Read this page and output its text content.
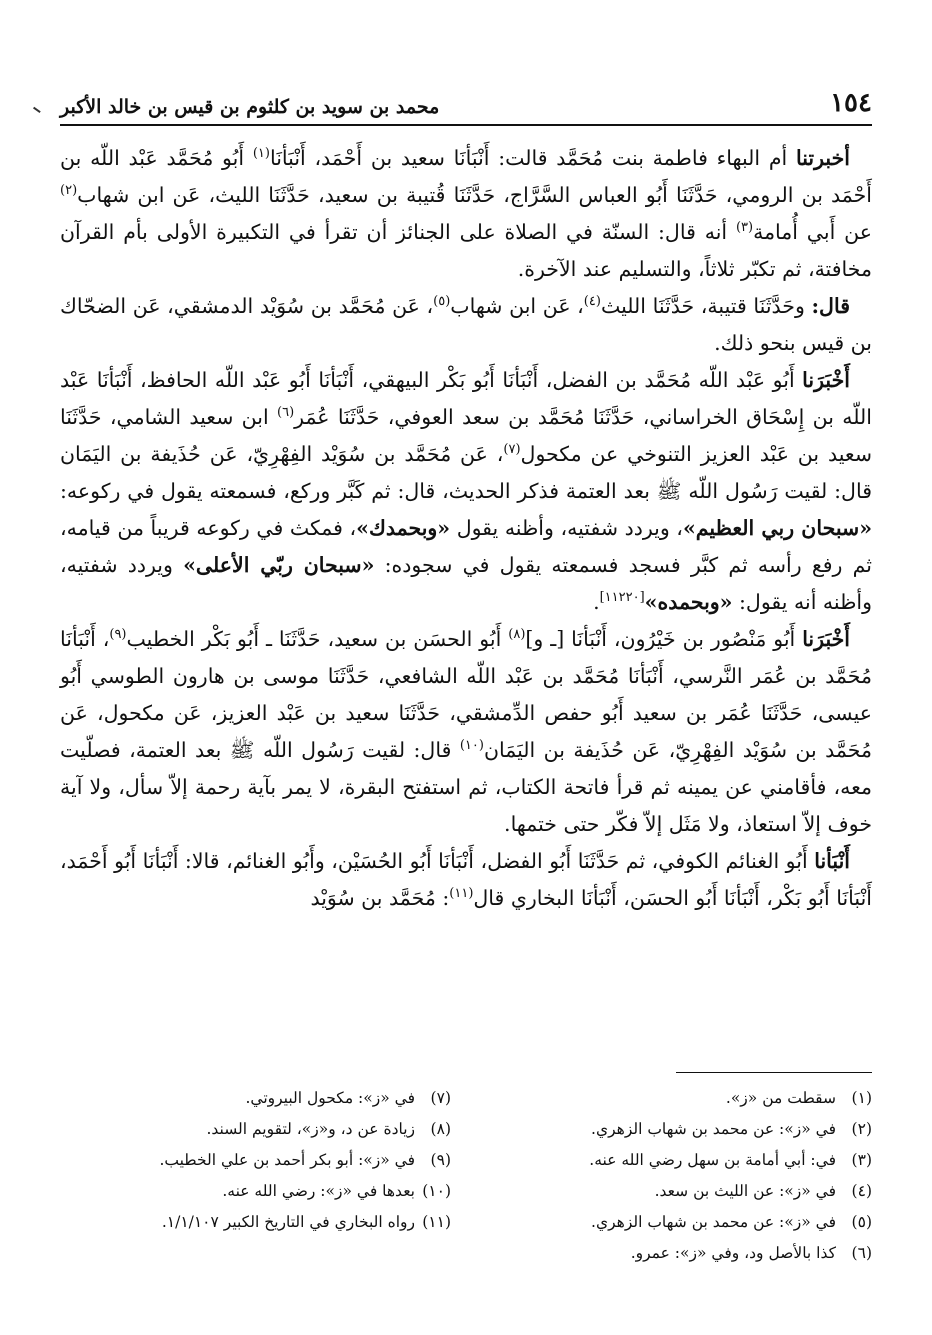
١٥٤
محمد بن سويد بن كلثوم بن قيس بن خالد الأكبر

أخبرتنا أم البهاء فاطمة بنت مُحَمَّد قالت: أَنْبَأنَا سعيد بن أَحْمَد، أَنْبَأنَا$^{(١)}$ أَبُو مُحَمَّد عَبْد اللّه بن أَحْمَد بن الرومي، حَدَّثَنَا أَبُو العباس السَّرَّاج، حَدَّثَنَا قُتيبة بن سعيد، حَدَّثَنَا الليث، عَن ابن شهاب$^{(٢)}$ عن أَبي أُمامة$^{(٣)}$ أنه قال: السنّة في الصلاة على الجنائز أن تقرأ في التكبيرة الأولى بأم القرآن مخافتة، ثم تكبّر ثلاثاً، والتسليم عند الآخرة.

قال: وحَدَّثَنَا قتيبة، حَدَّثَنَا الليث$^{(٤)}$، عَن ابن شهاب$^{(٥)}$، عَن مُحَمَّد بن سُوَيْد الدمشقي، عَن الضحّاك بن قيس بنحو ذلك.

أَخْبَرَنا أَبُو عَبْد اللّه مُحَمَّد بن الفضل، أَنْبَأنَا أَبُو بَكْر البيهقي، أَنْبَأنَا أَبُو عَبْد اللّه الحافظ، أَنْبَأنَا عَبْد اللّه بن إِسْحَاق الخراساني، حَدَّثَنَا مُحَمَّد بن سعد العوفي، حَدَّثَنَا عُمَر$^{(٦)}$ ابن سعيد الشامي، حَدَّثَنَا سعيد بن عَبْد العزيز التنوخي عن مكحول$^{(٧)}$، عَن مُحَمَّد بن سُوَيْد الفِهْرِيّ، عَن حُذَيفة بن اليَمَان قال: لقيت رَسُول اللّه ﷺ بعد العتمة فذكر الحديث، قال: ثم كَبَّر وركع، فسمعته يقول في ركوعه: «سبحان ربي العظيم»، ويردد شفتيه، وأظنه يقول «وبحمدك»، فمكث في ركوعه قريباً من قيامه، ثم رفع رأسه ثم كبَّر فسجد فسمعته يقول في سجوده: «سبحان ربّي الأعلى» ويردد شفتيه، وأظنه أنه يقول: «وبحمده»[١١٢٢٠].

أَخْبَرَنا أَبُو مَنْصُور بن خَيْرُون، أَنْبَأنَا [ـ و]$^{(٨)}$ أَبُو الحسَن بن سعيد، حَدَّثَنَا ـ أَبُو بَكْر الخطيب$^{(٩)}$، أَنْبَأنَا مُحَمَّد بن عُمَر النَّرسي، أَنْبَأنَا مُحَمَّد بن عَبْد اللّه الشافعي، حَدَّثَنَا موسى بن هارون الطوسي أَبُو عيسى، حَدَّثَنَا عُمَر بن سعيد أَبُو حفص الدِّمشقي، حَدَّثَنَا سعيد بن عَبْد العزيز، عَن مكحول، عَن مُحَمَّد بن سُوَيْد الفِهْرِيّ، عَن حُذَيفة بن اليَمَان$^{(١٠)}$ قال: لقيت رَسُول اللّه ﷺ بعد العتمة، فصلّيت معه، فأقامني عن يمينه ثم قرأ فاتحة الكتاب، ثم استفتح البقرة، لا يمر بآية رحمة إلاّ سأل، ولا آية خوف إلاّ استعاذ، ولا مَثَل إلاّ فكّر حتى ختمها.

أَنْبَأنا أَبُو الغنائم الكوفي، ثم حَدَّثَنَا أَبُو الفضل، أَنْبَأنَا أَبُو الحُسَيْن، وأَبُو الغنائم، قالا: أَنْبَأنَا أَبُو أَحْمَد، أَنْبَأنَا أَبُو بَكْر، أَنْبَأنَا أَبُو الحسَن، أَنْبَأنَا البخاري قال$^{(١١)}$: مُحَمَّد بن سُوَيْد

(١)سقطت من «ز».
(٢)في «ز»: عن محمد بن شهاب الزهري.
(٣)في: أبي أمامة بن سهل رضي الله عنه.
(٤)في «ز»: عن الليث بن سعد.
(٥)في «ز»: عن محمد بن شهاب الزهري.
(٦)كذا بالأصل ود، وفي «ز»: عمرو.
(٧)في «ز»: مكحول البيروتي.
(٨)زيادة عن د، و«ز»، لتقويم السند.
(٩)في «ز»: أبو بكر أحمد بن علي الخطيب.
(١٠)بعدها في «ز»: رضي الله عنه.
(١١)رواه البخاري في التاريخ الكبير ١/١/١٠٧.
